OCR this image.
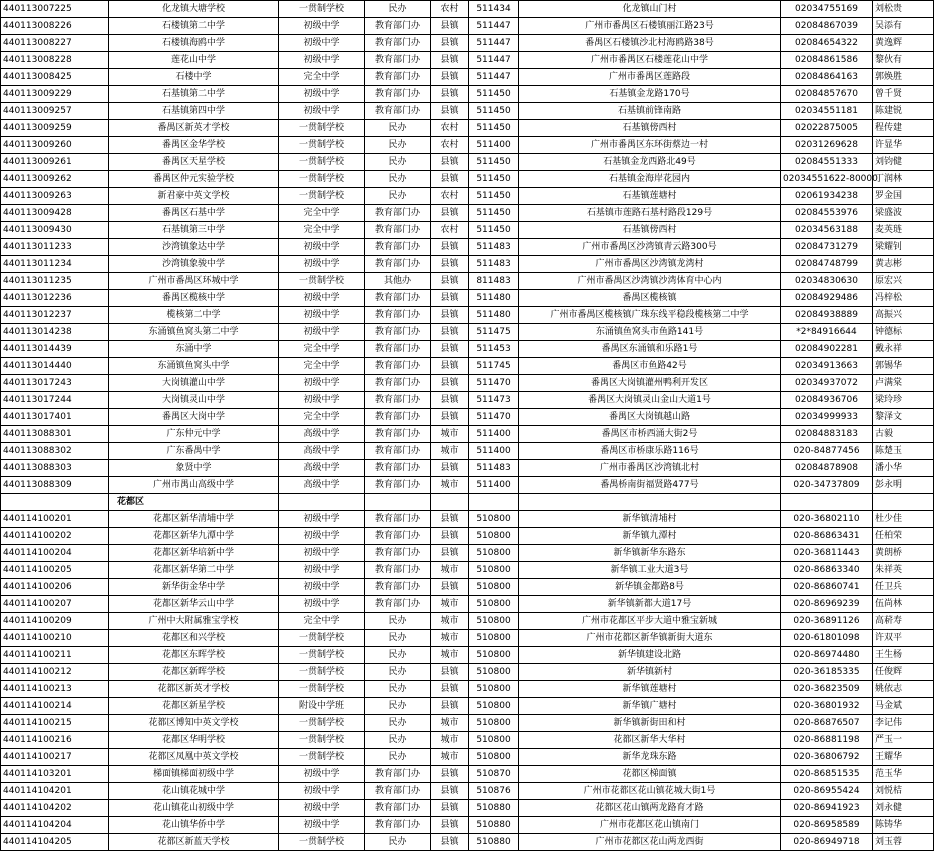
440113007225	化龙镇大塘学校	一贯制学校	民办	农村	511434	化龙镇山门村	02034755169	刘松贵
440113008226	石楼镇第二中学	初级中学	教育部门办	县镇	511447	广州市番禺区石楼镇丽江路23号	02084867039	吴添有
440113008227	石楼镇海鸥中学	初级中学	教育部门办	县镇	511447	番禺区石楼镇沙北村海鸥路38号	02084654322	黄逸辉
440113008228	莲花山中学	初级中学	教育部门办	县镇	511447	广州市番禺区石楼莲花山中学	02084861586	黎伙有
440113008425	石楼中学	完全中学	教育部门办	县镇	511447	广州市番禺区莲路段	02084864163	郭焕胜
440113009229	石基镇第二中学	初级中学	教育部门办	县镇	511450	石基镇金龙路170号	02084857670	曾千贤
440113009257	石基镇第四中学	初级中学	教育部门办	县镇	511450	石基镇前锋南路	02034551181	陈建锐
440113009259	番禺区新英才学校	一贯制学校	民办	农村	511450	石基镇傍西村	02022875005	程传建
440113009260	番禺区金华学校	一贯制学校	民办	农村	511400	广州市番禺区东环街蔡边一村	02031269628	许显华
440113009261	番禺区天星学校	一贯制学校	民办	县镇	511450	石基镇金龙西路北49号	02084551333	刘钧健
440113009262	番禺区仲元实验学校	一贯制学校	民办	县镇	511450	石基镇金海岸花园内	02034551622-80000	丁润林
440113009263	新君豪中英文学校	一贯制学校	民办	农村	511450	石基镇莲塘村	02061934238	罗金国
440113009428	番禺区石基中学	完全中学	教育部门办	县镇	511450	石基镇市莲路石基村路段129号	02084553976	梁盛波
440113009430	石基镇第三中学	完全中学	教育部门办	农村	511450	石基镇傍西村	02034563188	麦英琏
440113011233	沙湾镇象达中学	初级中学	教育部门办	县镇	511483	广州市番禺区沙湾镇青云路300号	02084731279	梁耀钊
440113011234	沙湾镇象骏中学	初级中学	教育部门办	县镇	511483	广州市番禺区沙湾镇龙湾村	02084748799	黄志彬
440113011235	广州市番禺区环城中学	一贯制学校	其他办	县镇	811483	广州市番禺区沙湾镇沙湾体育中心内	02034830630	原宏兴
440113012236	番禺区榄核中学	初级中学	教育部门办	县镇	511480	番禺区榄核镇	02084929486	冯梓松
440113012237	榄核第二中学	初级中学	教育部门办	县镇	511480	广州市番禺区榄核镇广珠东线平稳段榄核第二中学	02084938889	高振兴
440113014238	东涌镇鱼窝头第二中学	初级中学	教育部门办	县镇	511475	东涌镇鱼窝头市鱼路141号	*2*84916644	钟德标
440113014439	东涌中学	完全中学	教育部门办	县镇	511453	番禺区东涌镇和乐路1号	02084902281	戴永祥
440113014440	东涌镇鱼窝头中学	完全中学	教育部门办	县镇	511745	番禺区市鱼路42号	02034913663	郭锡华
440113017243	大岗镇灌山中学	初级中学	教育部门办	县镇	511470	番禺区大岗镇灌州鸭利开发区	02034937072	卢满棠
440113017244	大岗镇灵山中学	初级中学	教育部门办	县镇	511473	番禺区大岗镇灵山金山大道1号	02084936706	梁玲珍
440113017401	番禺区大岗中学	完全中学	教育部门办	县镇	511470	番禺区大岗镇越山路	02034999933	黎泽文
440113088301	广东仲元中学	高级中学	教育部门办	城市	511400	番禺区市桥西涌大街2号	02084883183	古毅
440113088302	广东番禺中学	高级中学	教育部门办	城市	511400	番禺区市桥康乐路116号	020-84877456	陈楚玉
440113088303	象贤中学	高级中学	教育部门办	县镇	511483	广州市番禺区沙湾镇北村	02084878908	潘小华
440113088309	广州市禺山高级中学	高级中学	教育部门办	城市	511400	番禺桥南街福贤路477号	020-34737809	彭永明
	花都区							
440114100201	花都区新华清埔中学	初级中学	教育部门办	县镇	510800	新华镇清埔村	020-36802110	杜少佳
440114100202	花都区新华九潭中学	初级中学	教育部门办	县镇	510800	新华镇九潭村	020-86863431	任柏荣
440114100204	花都区新华培新中学	初级中学	教育部门办	县镇	510800	新华镇新华东路东	020-36811443	黄朗桥
440114100205	花都区新华第二中学	初级中学	教育部门办	城市	510800	新华镇工业大道3号	020-86863340	朱祥英
440114100206	新华街金华中学	初级中学	教育部门办	县镇	510800	新华镇金都路8号	020-86860741	任卫兵
440114100207	花都区新华云山中学	初级中学	教育部门办	城市	510800	新华镇新都大道17号	020-86969239	伍尚林
440114100209	广州中大附属雅宝学校	完全中学	民办	城市	510800	广州市花都区平步大道中雅宝新城	020-36891126	高菥寿
440114100210	花都区和兴学校	一贯制学校	民办	城市	510800	广州市花都区新华镇新街大道东	020-61801098	许双平
440114100211	花都区东晖学校	一贯制学校	民办	城市	510800	新华镇建设北路	020-86974480	王生杨
440114100212	花都区新晖学校	一贯制学校	民办	县镇	510800	新华镇新村	020-36185335	任俊辉
440114100213	花都区新英才学校	一贯制学校	民办	县镇	510800	新华镇莲塘村	020-36823509	姚依志
440114100214	花都区新星学校	附设中学班	民办	县镇	510800	新华镇广塘村	020-36801932	马金斌
440114100215	花都区博知中英文学校	一贯制学校	民办	城市	510800	新华镇新街田和村	020-86876507	李记伟
440114100216	花都区华明学校	一贯制学校	民办	城市	510800	花都区新华大华村	020-86881198	严玉一
440114100217	花都区凤凰中英文学校	一贯制学校	民办	城市	510800	新华龙珠东路	020-36806792	王耀华
440114103201	梯面镇梯面初级中学	初级中学	教育部门办	县镇	510870	花都区梯面镇	020-86851535	范玉华
440114104201	花山镇花城中学	初级中学	教育部门办	县镇	510876	广州市花都区花山镇花城大街1号	020-86955424	刘悦桔
440114104202	花山镇花山初级中学	初级中学	教育部门办	县镇	510880	花都区花山镇两龙路育才路	020-86941923	刘永健
440114104204	花山镇华侨中学	初级中学	教育部门办	县镇	510880	广州市花都区花山镇南门	020-86958589	陈铸华
440114104205	花都区新蓝天学校	一贯制学校	民办	县镇	510880	广州市花都区花山两龙西街	020-86949718	刘玉蓉
